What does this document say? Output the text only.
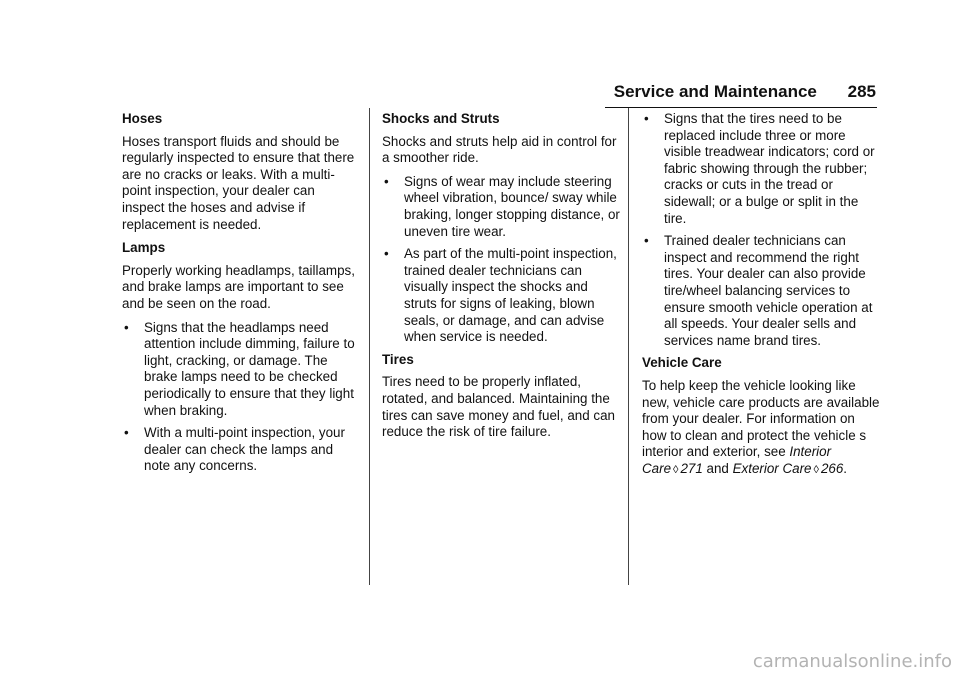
Service and Maintenance 285
Hoses
Hoses transport fluids and should be regularly inspected to ensure that there are no cracks or leaks. With a multi-point inspection, your dealer can inspect the hoses and advise if replacement is needed.
Lamps
Properly working headlamps, taillamps, and brake lamps are important to see and be seen on the road.
• Signs that the headlamps need attention include dimming, failure to light, cracking, or damage. The brake lamps need to be checked periodically to ensure that they light when braking.
• With a multi-point inspection, your dealer can check the lamps and note any concerns.
Shocks and Struts
Shocks and struts help aid in control for a smoother ride.
• Signs of wear may include steering wheel vibration, bounce/ sway while braking, longer stopping distance, or uneven tire wear.
• As part of the multi-point inspection, trained dealer technicians can visually inspect the shocks and struts for signs of leaking, blown seals, or damage, and can advise when service is needed.
Tires
Tires need to be properly inflated, rotated, and balanced. Maintaining the tires can save money and fuel, and can reduce the risk of tire failure.
• Signs that the tires need to be replaced include three or more visible treadwear indicators; cord or fabric showing through the rubber; cracks or cuts in the tread or sidewall; or a bulge or split in the tire.
• Trained dealer technicians can inspect and recommend the right tires. Your dealer can also provide tire/wheel balancing services to ensure smooth vehicle operation at all speeds. Your dealer sells and services name brand tires.
Vehicle Care
To help keep the vehicle looking like new, vehicle care products are available from your dealer. For information on how to clean and protect the vehicle s interior and exterior, see Interior Care ◊ 271 and Exterior Care ◊ 266.
carmanualsonline.info
